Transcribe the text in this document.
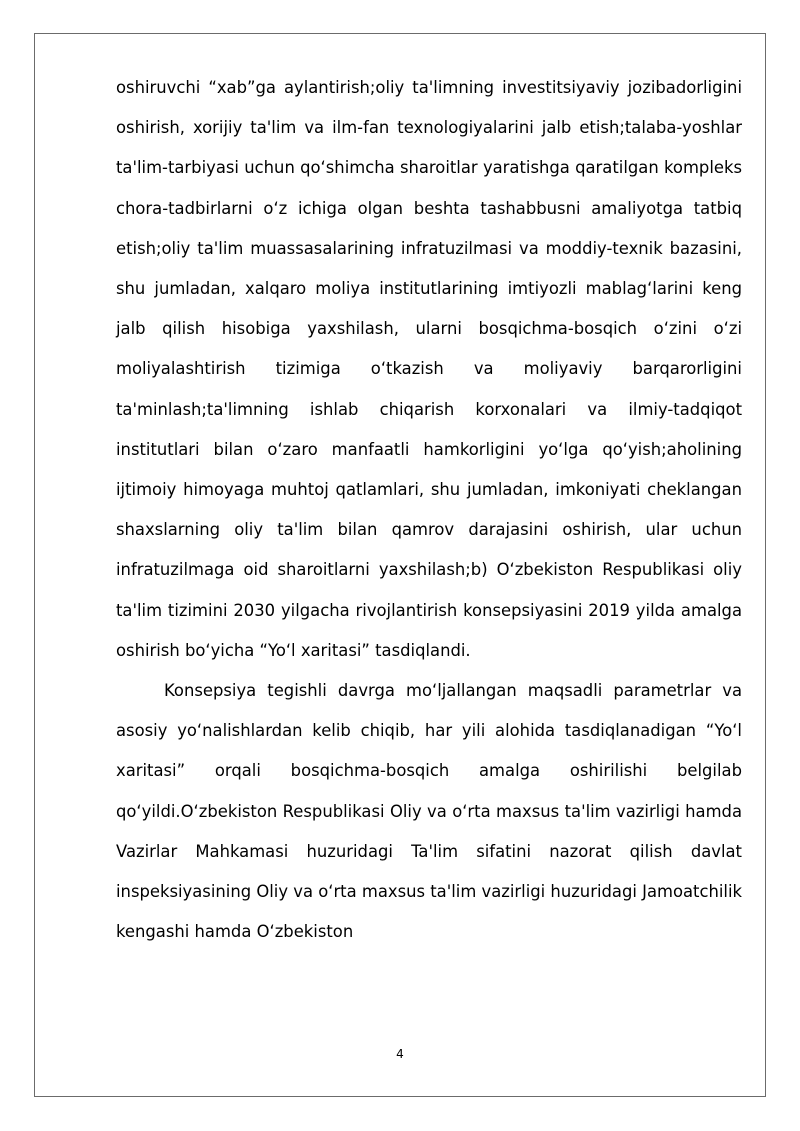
oshiruvchi “xab”ga aylantirish;oliy ta'limning investitsiyaviy jozibadorligini oshirish, xorijiy ta'lim va ilm-fan texnologiyalarini jalb etish;talaba-yoshlar ta'lim-tarbiyasi uchun qo‘shimcha sharoitlar yaratishga qaratilgan kompleks chora-tadbirlarni o‘z ichiga olgan beshta tashabbusni amaliyotga tatbiq etish;oliy ta'lim muassasalarining infratuzilmasi va moddiy-texnik bazasini, shu jumladan, xalqaro moliya institutlarining imtiyozli mablag‘larini keng jalb qilish hisobiga yaxshilash, ularni bosqichma-bosqich o‘zini o‘zi moliyalashtirish tizimiga o‘tkazish va moliyaviy barqarorligini ta'minlash;ta'limning ishlab chiqarish korxonalari va ilmiy-tadqiqot institutlari bilan o‘zaro manfaatli hamkorligini yo‘lga qo‘yish;aholining ijtimoiy himoyaga muhtoj qatlamlari, shu jumladan, imkoniyati cheklangan shaxslarning oliy ta'lim bilan qamrov darajasini oshirish, ular uchun infratuzilmaga oid sharoitlarni yaxshilash;b) O‘zbekiston Respublikasi oliy ta'lim tizimini 2030 yilgacha rivojlantirish konsepsiyasini 2019 yilda amalga oshirish bo‘yicha “Yo‘l xaritasi” tasdiqlandi.

Konsepsiya tegishli davrga mo‘ljallangan maqsadli parametrlar va asosiy yo‘nalishlardan kelib chiqib, har yili alohida tasdiqlanadigan “Yo‘l xaritasi” orqali bosqichma-bosqich amalga oshirilishi belgilab qo‘yildi.O‘zbekiston Respublikasi Oliy va o‘rta maxsus ta'lim vazirligi hamda Vazirlar Mahkamasi huzuridagi Ta'lim sifatini nazorat qilish davlat inspeksiyasining Oliy va o‘rta maxsus ta'lim vazirligi huzuridagi Jamoatchilik kengashi hamda O‘zbekiston

4
